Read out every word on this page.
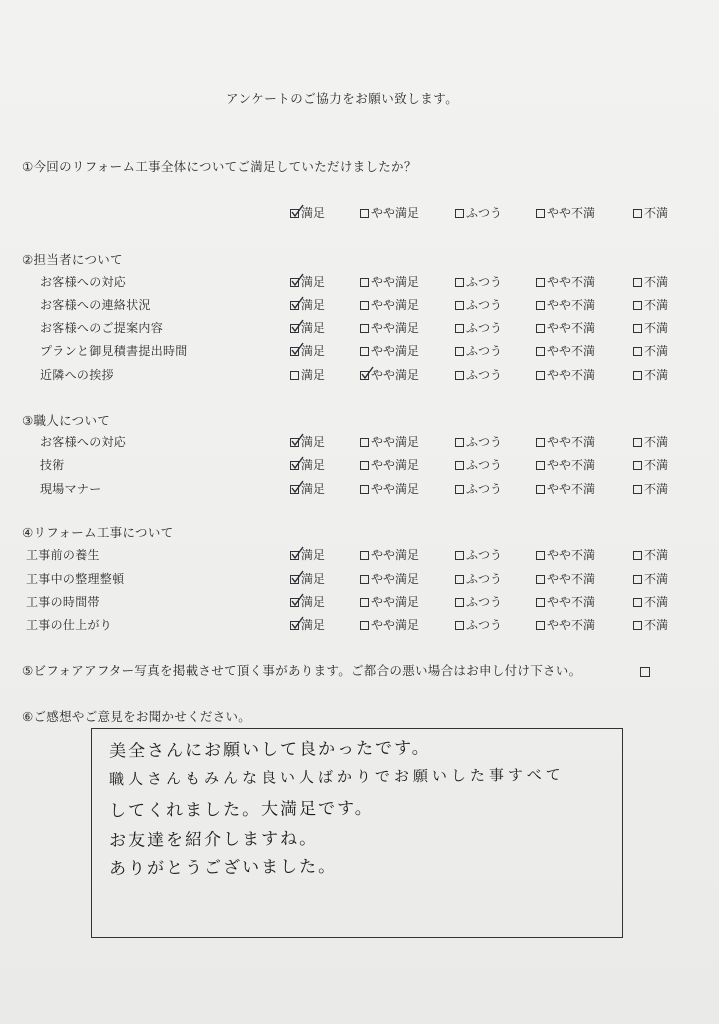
アンケートのご協力をお願い致します。
①今回のリフォーム工事全体についてご満足していただけましたか？
②担当者について
③職人について
④リフォーム工事について
⑤ビフォアアフター写真を掲載させて頂く事があります。ご都合の悪い場合はお申し付け下さい。
⑥ご感想やご意見をお聞かせください。
満足	やや満足	ふつう	やや不満	不満
お客様への対応	満足	やや満足	ふつう	やや不満	不満
お客様への連絡状況	満足	やや満足	ふつう	やや不満	不満
お客様へのご提案内容	満足	やや満足	ふつう	やや不満	不満
プランと御見積書提出時間	満足	やや満足	ふつう	やや不満	不満
近隣への挨拶	満足	やや満足	ふつう	やや不満	不満
お客様への対応	満足	やや満足	ふつう	やや不満	不満
技術	満足	やや満足	ふつう	やや不満	不満
現場マナー	満足	やや満足	ふつう	やや不満	不満
工事前の養生	満足	やや満足	ふつう	やや不満	不満
工事中の整理整頓	満足	やや満足	ふつう	やや不満	不満
工事の時間帯	満足	やや満足	ふつう	やや不満	不満
工事の仕上がり	満足	やや満足	ふつう	やや不満	不満
美全さんにお願いして良かったです。
職人さんもみんな良い人ばかりでお願いした事すべて
してくれました。大満足です。
お友達を紹介しますね。
ありがとうございました。
